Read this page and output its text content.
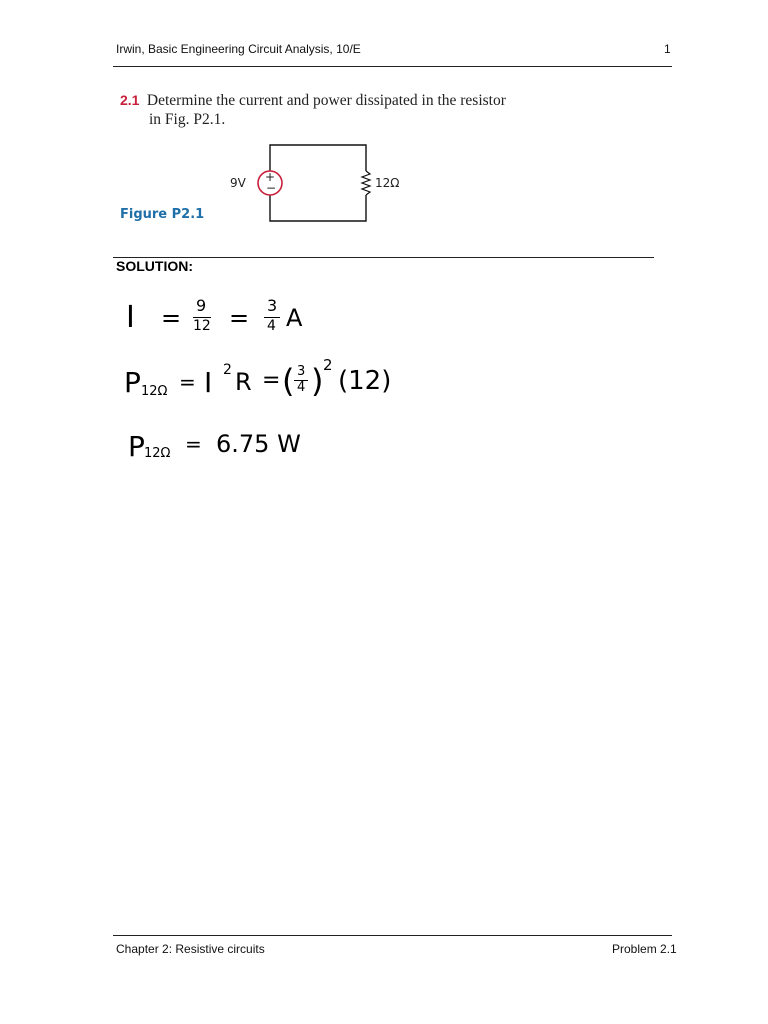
Irwin, Basic Engineering Circuit Analysis, 10/E	1
2.1 Determine the current and power dissipated in the resistor
in Fig. P2.1.
+
−
9V	12Ω
Figure P2.1
SOLUTION:
I = 9
12 = 3
4 A
P 12Ω = I 2 R = ( 3
4 ) 2
(12)
P 12Ω = 6.75 W
Chapter 2: Resistive circuits	Problem 2.1
